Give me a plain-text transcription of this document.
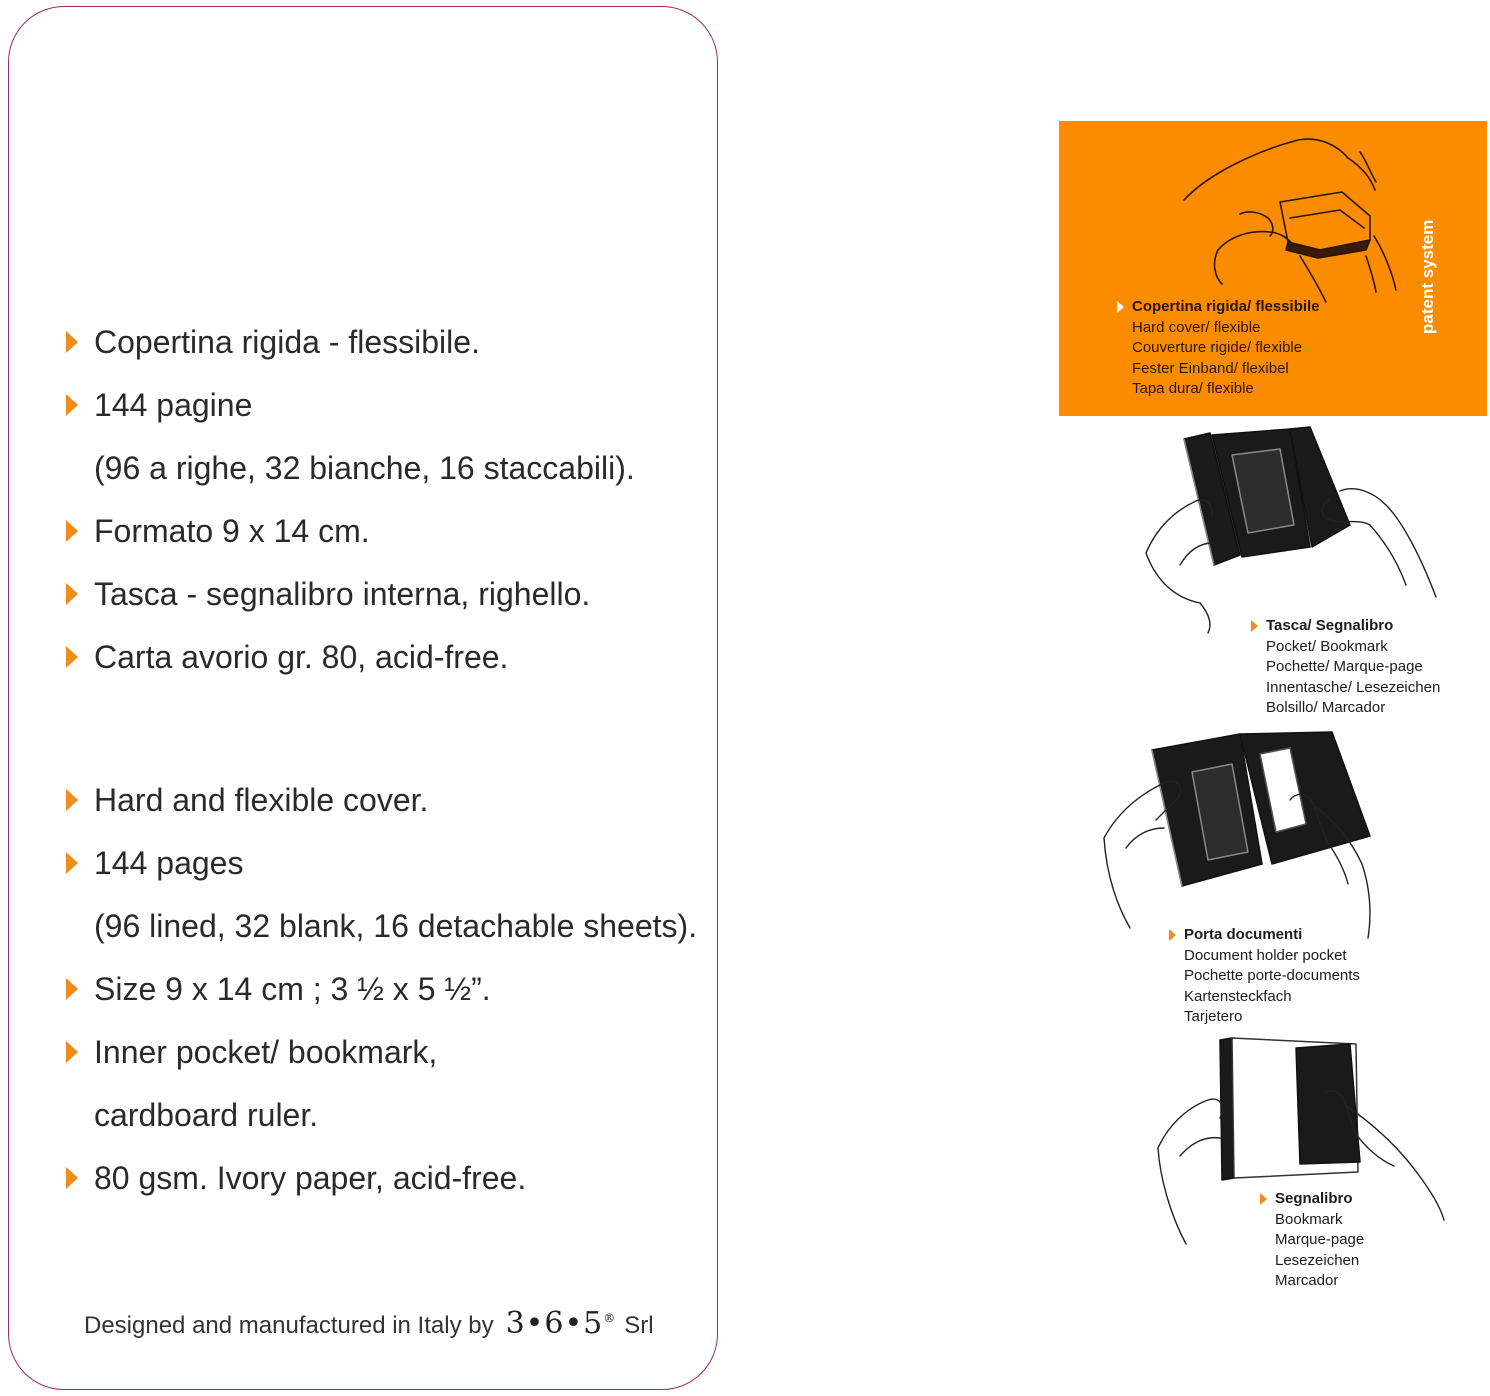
Copertina rigida - flessibile.
144 pagine
(96 a righe, 32 bianche, 16 staccabili).
Formato 9 x 14 cm.
Tasca - segnalibro interna, righello.
Carta avorio gr. 80, acid-free.
Hard and flexible cover.
144 pages
(96 lined, 32 blank, 16 detachable sheets).
Size 9 x 14 cm ; 3 ½ x 5 ½”.
Inner pocket/ bookmark,
cardboard ruler.
80 gsm. Ivory paper, acid-free.
Designed and manufactured in Italy by 3•6•5® Srl
patent system
Copertina rigida/ flessibile
Hard cover/ flexible
Couverture rigide/ flexible
Fester Einband/ flexibel
Tapa dura/ flexible
Tasca/ Segnalibro
Pocket/ Bookmark
Pochette/ Marque-page
Innentasche/ Lesezeichen
Bolsillo/ Marcador
Porta documenti
Document holder pocket
Pochette porte-documents
Kartensteckfach
Tarjetero
Segnalibro
Bookmark
Marque-page
Lesezeichen
Marcador
